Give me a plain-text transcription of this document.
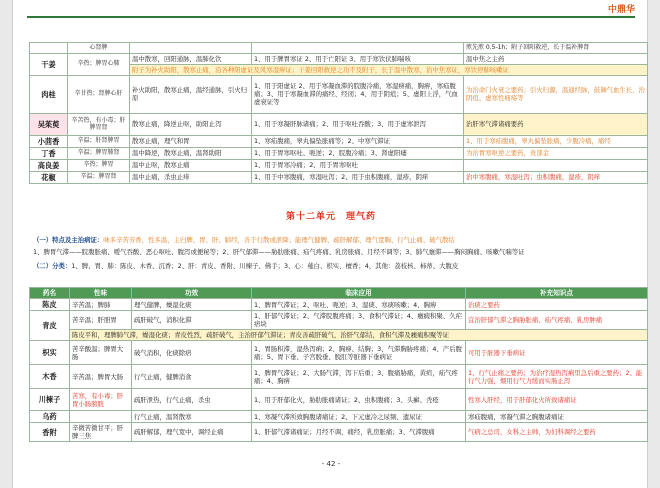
中鼎华
	心肾脾			煎先煎 0.5-1h；附子回阳救逆，长于温补脾肾
干姜	辛热；脾胃心肺	温中散寒，回阳通脉，温肺化饮	1、用于脾胃寒证 2、用于亡阳证 3、用于寒饮伏肺喘咳	温中焦之主药
		附子为补火助阳，散寒止痛，沿各种阳虚证及风寒湿痹证；干姜回阳救逆之功不及附子，长于温中散寒，治中焦寒证，寒饮停肺咳嗽证		
肉桂	辛甘热；肾脾心肝	补火助阳，散寒止痛，温经通脉，引火归原	1、用于阳虚证 2、用于寒凝血滞的脘腹冷痛，寒湿痹痛，胸痹，寒疝腹痛；3、用于寒凝血滞的痛经、经闭；4、用于阴疽；5、虚阳上浮，气血虚衰证等	为治命门火衰之要药；引火归源，温通经脉，鼓舞气血生长，治阴疽、虚寒性痈疡等
吴茱萸	辛苦热，有小毒；肝脾胃肾	散寒止痛，降逆止呕，助阳止泻	1、用于寒凝肝脉诸痛；2、用于呕吐吞酸；3、用于虚寒泄泻	治肝寒气滞诸痛要药
小茴香	辛温；肝肾脾胃	散寒止痛，理气和胃	1、寒疝腹痛，睾丸偏坠胀痛等；2、中寒气滞证	1、用于寒疝腹痛，睾丸偏坠胀痛，少腹冷痛，痛经
丁香	辛温；脾胃肺肾	温中降逆，散寒止痛，温肾助阳	1、用于胃寒呕吐、呃逆；2、脘腹冷痛；3、肾虚阳痿	为治胃寒呕逆之要药，贵部金
高良姜	辛热；脾胃	温中止呕，散寒止痛	1、用于胃寒冷痛；2、用于胃寒呕吐	
花椒	辛温；脾胃肾	温中止痛，杀虫止痒	1、用于中寒腹痛，寒湿吐泻；2、用于虫积腹痛，湿疹，阴痒	治中寒腹痛，寒湿吐泻；虫积腹痛，湿疹，阴痒
第十二单元　理气药
（一）特点及主治病证：味多辛苦芳香，性多温，主归脾、胃、肝、肺经，善于行散或泄降；能理气健脾、疏肝解郁、理气宽胸、行气止痛、破气散结
1、脾胃气滞——脘腹胀痛、嗳气吞酸、恶心呕吐、腹泻或便秘等；2、肝气郁滞——胁肋胀痛、疝气疼痛、乳房胀痛、月经不调等；3、肺气壅滞——胸闷胸痛、咳嗽气喘等证
（二）分类：1、脾、胃、肺：陈皮、木香、沉香；2、肝：青皮、香附、川楝子、佛手；3、心：薤白、枳实、檀香；4、其他：荔枝核、柿蒂、大腹皮
药名	性味	功效	临床应用	补充知识点
陈皮	辛苦温；脾肺	理气健脾，燥湿化痰	1、脾胃气滞证；2、呕吐、呃逆；3、湿痰、寒痰咳嗽；4、胸痹	治痰之要药
青皮	苦辛温；肝胆胃	疏肝破气，消积化滞	1、肝郁气滞证；2、气滞脘腹疼痛；3、食积气滞证；4、癥瘕积聚、久疟痞块	宜治肝郁气滞之胸胁胀痛、疝气疼痛、乳房肿痛
	陈皮平和，理脾肺气滞，燥湿化痰；青皮性烈，疏肝破气，主治肝郁气滞证；青皮善疏肝破气，治肝气郁结，食积气滞及癥瘕积聚等证			
枳实	苦辛酸温；脾胃大肠	破气消积，化痰除痞	1、胃肠积滞，湿热泻痢；2、胸痹、结胸；3、气滞胸胁疼痛；4、产后腹痛；5、胃下垂、子宫脱垂、脱肛等脏器下垂病证	可用于脏器下垂病证
木香	辛苦温；脾胃大肠	行气止痛，健脾消食	1、脾胃气滞证；2、大肠气滞，泻下后重；3、腹痛胁痛，黄疸，疝气疼痛；4、胸痹	1、行气止痛之要药；为治疗湿热泻痢里急后重之要药；2、能行气力强，煨用行气力缓而实肠止泻
川楝子	苦寒，有小毒；肝胃小肠膀胱	疏肝泄热，行气止痛，杀虫	1、用于肝郁化火，胁肋胀痛诸证；2、虫积腹痛；3、头癣、秃疮	性寒入肝经，用于肝郁化火所致诸痛证
乌药		行气止痛，温肾散寒	1、寒凝气滞所致胸腹诸痛证；2、下元虚冷之尿频、遗尿证	寒疝腹痛，寒凝气滞之胸腹诸痛证
香附	辛微苦微甘平；肝脾三焦	疏肝解郁，理气宽中，调经止痛	1、肝郁气滞诸痛证；月经不调，痛经，乳房胀痛；3、气滞腹痛	气病之总司，女科之主帅，为妇科调经之要药
- 42 -
